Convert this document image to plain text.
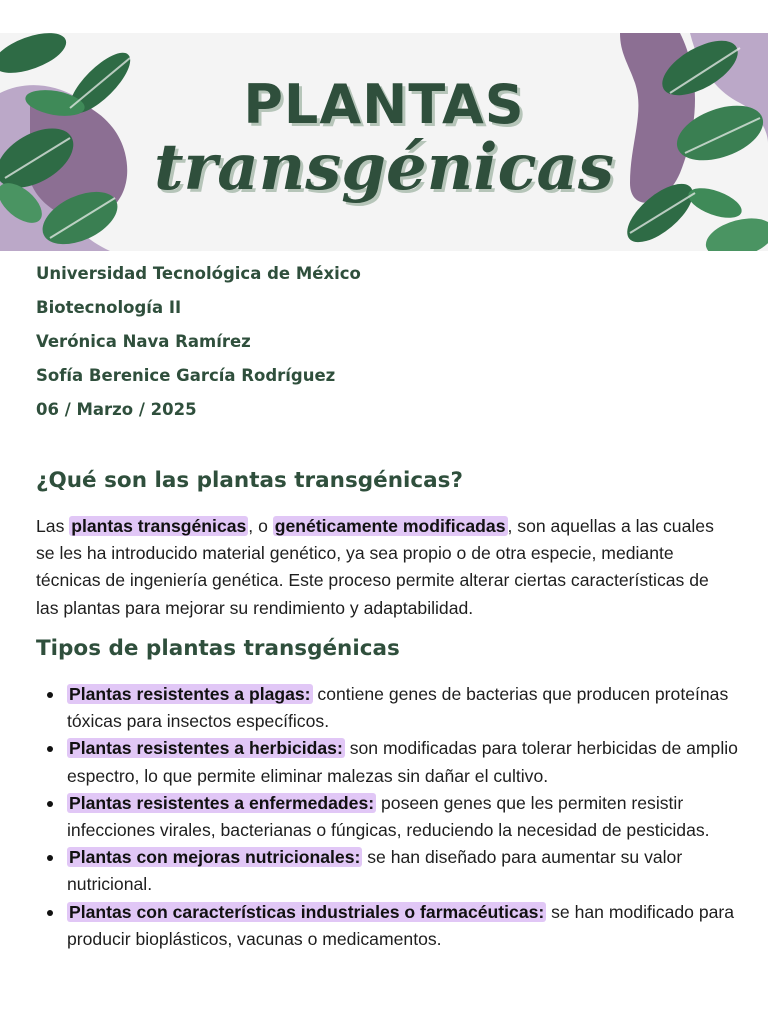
PLANTAS
transgénicas
Universidad Tecnológica de México
Biotecnología II
Verónica Nava Ramírez
Sofía Berenice García Rodríguez
06 / Marzo / 2025
¿Qué son las plantas transgénicas?

Las plantas transgénicas , o genéticamente modificadas , son aquellas a las cuales se les ha introducido material genético, ya sea propio o de otra especie, mediante técnicas de ingeniería genética. Este proceso permite alterar ciertas características de las plantas para mejorar su rendimiento y adaptabilidad.

Tipos de plantas transgénicas
Plantas resistentes a plagas: contiene genes de bacterias que producen proteínas tóxicas para insectos específicos.
Plantas resistentes a herbicidas: son modificadas para tolerar herbicidas de amplio espectro, lo que permite eliminar malezas sin dañar el cultivo.
Plantas resistentes a enfermedades: poseen genes que les permiten resistir infecciones virales, bacterianas o fúngicas, reduciendo la necesidad de pesticidas.
Plantas con mejoras nutricionales: se han diseñado para aumentar su valor nutricional.
Plantas con características industriales o farmacéuticas: se han modificado para producir bioplásticos, vacunas o medicamentos.
